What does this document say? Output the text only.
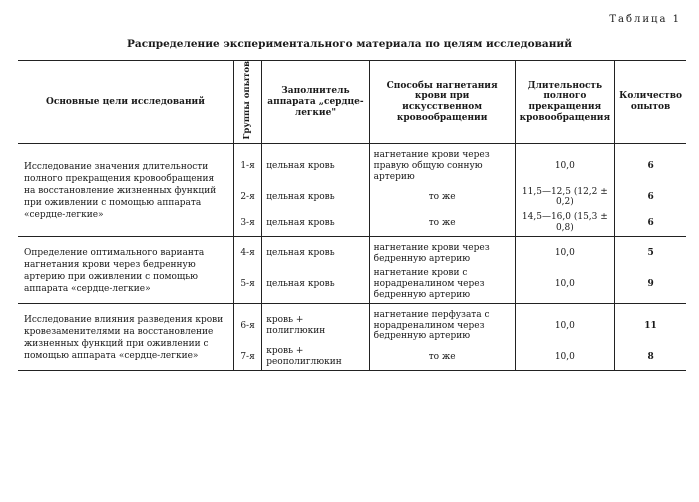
Таблица 1
Распределение экспериментального материала по целям исследований
Основные цели исследований	Группы опытов	Заполнитель аппарата „сердце-легкие"	Способы нагнетания крови при искусственном кровообращении	Длительность полного прекращения кровообращения	Количество опытов
Исследование значения длительности полного прекращения кровообращения на восстановление жизненных функций при оживлении с помощью аппарата «сердце-легкие»	1-я	цельная кровь	нагнетание крови через правую общую сонную артерию	10,0	6
	2-я	цельная кровь	то же	11,5—12,5 (12,2 ± 0,2)	6
	3-я	цельная кровь	то же	14,5—16,0 (15,3 ± 0,8)	6
Определение оптимального варианта нагнетания крови через бедренную артерию при оживлении с помощью аппарата «сердце-легкие»	4-я	цельная кровь	нагнетание крови через бедренную артерию	10,0	5
	5-я	цельная кровь	нагнетание крови с норадреналином через бедренную артерию	10,0	9
Исследование влияния разведения крови кровезаменителями на восстановление жизненных функций при оживлении с помощью аппарата «сердце-легкие»	6-я	кровь + полиглюкин	нагнетание перфузата с норадреналином через бедренную артерию	10,0	11
	7-я	кровь + реополиглюкин	то же	10,0	8
